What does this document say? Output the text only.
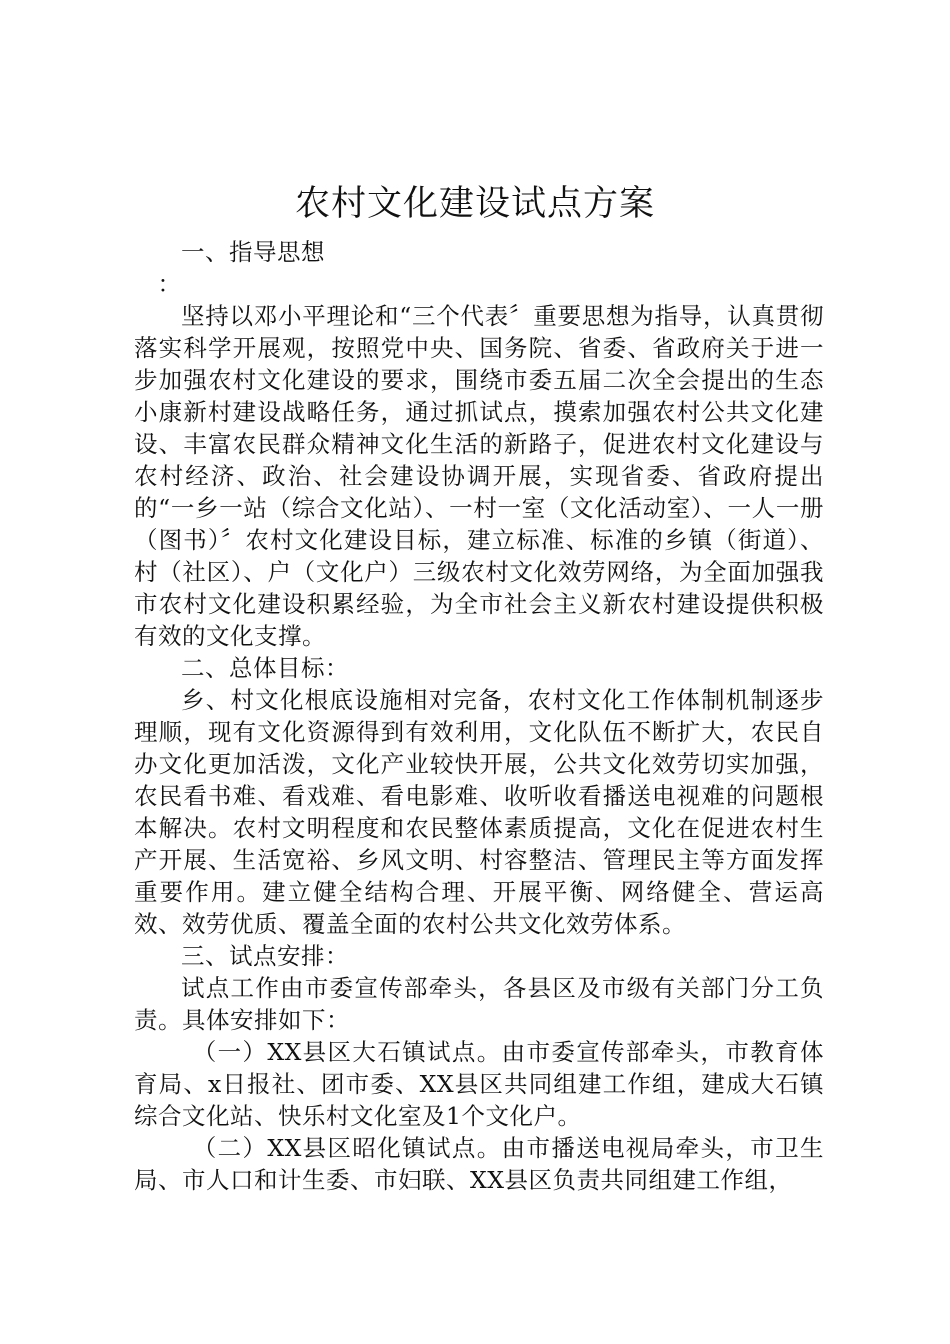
农村文化建设试点方案

一、指导思想

：

坚持以邓小平理论和“三个代表〞重要思想为指导，认真贯彻落实科学开展观，按照党中央、国务院、省委、省政府关于进一步加强农村文化建设的要求，围绕市委五届二次全会提出的生态小康新村建设战略任务，通过抓试点，摸索加强农村公共文化建设、丰富农民群众精神文化生活的新路子，促进农村文化建设与农村经济、政治、社会建设协调开展，实现省委、省政府提出的“一乡一站（综合文化站）、一村一室（文化活动室）、一人一册（图书）〞农村文化建设目标，建立标准、标准的乡镇（街道）、村（社区）、户（文化户）三级农村文化效劳网络，为全面加强我市农村文化建设积累经验，为全市社会主义新农村建设提供积极有效的文化支撑。

二、总体目标：

乡、村文化根底设施相对完备，农村文化工作体制机制逐步理顺，现有文化资源得到有效利用，文化队伍不断扩大，农民自办文化更加活泼，文化产业较快开展，公共文化效劳切实加强，农民看书难、看戏难、看电影难、收听收看播送电视难的问题根本解决。农村文明程度和农民整体素质提高，文化在促进农村生产开展、生活宽裕、乡风文明、村容整洁、管理民主等方面发挥重要作用。建立健全结构合理、开展平衡、网络健全、营运高效、效劳优质、覆盖全面的农村公共文化效劳体系。

三、试点安排：

试点工作由市委宣传部牵头，各县区及市级有关部门分工负责。具体安排如下：

（一）XX县区大石镇试点。由市委宣传部牵头，市教育体育局、x日报社、团市委、XX县区共同组建工作组，建成大石镇综合文化站、快乐村文化室及1个文化户。

（二）XX县区昭化镇试点。由市播送电视局牵头，市卫生局、市人口和计生委、市妇联、XX县区负责共同组建工作组，
